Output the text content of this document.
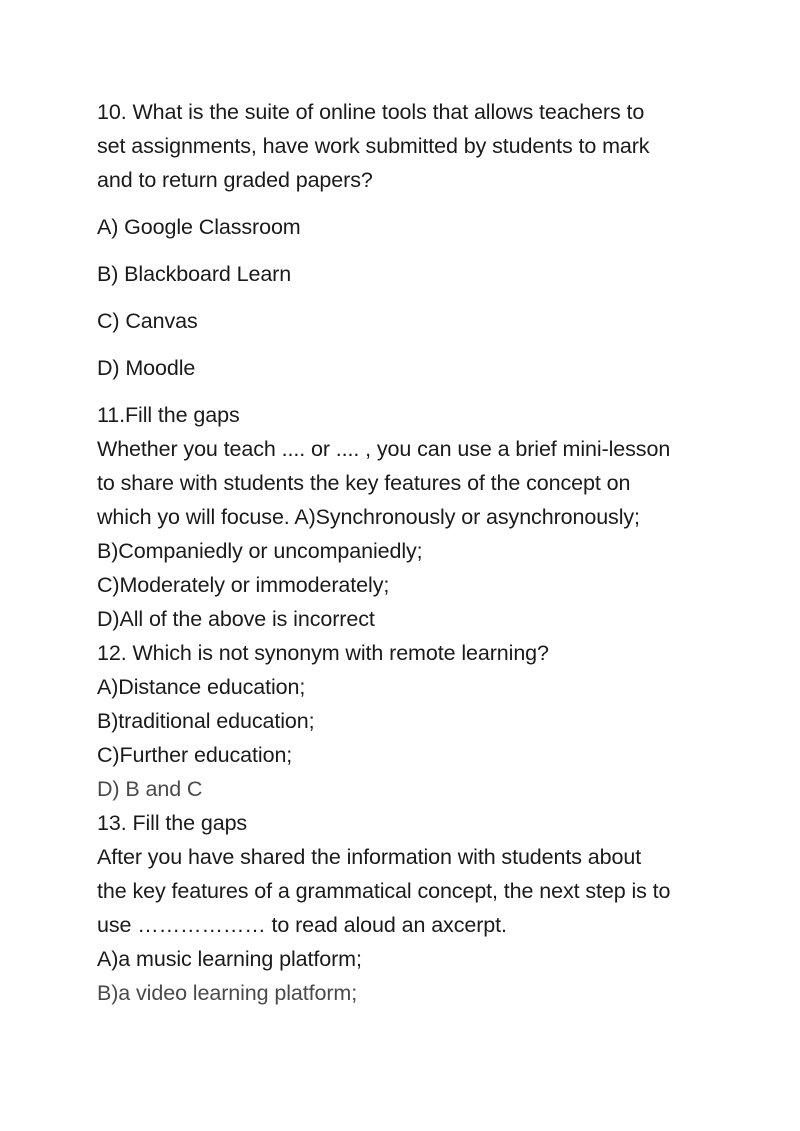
10. What is the suite of online tools that allows teachers to
set assignments, have work submitted by students to mark
and to return graded papers?
A) Google Classroom
B) Blackboard Learn
C) Canvas
D) Moodle
11.Fill the gaps
Whether you teach .... or .... , you can use a brief mini-lesson
to share with students the key features of the concept on
which yo will focuse. A)Synchronously or asynchronously;
B)Companiedly or uncompaniedly;
C)Moderately or immoderately;
D)All of the above is incorrect
12. Which is not synonym with remote learning?
A)Distance education;
B)traditional education;
C)Further education;
D) B and C
13. Fill the gaps
After you have shared the information with students about
the key features of a grammatical concept, the next step is to
use ……………… to read aloud an axcerpt.
A)a music learning platform;
B)a video learning platform;
